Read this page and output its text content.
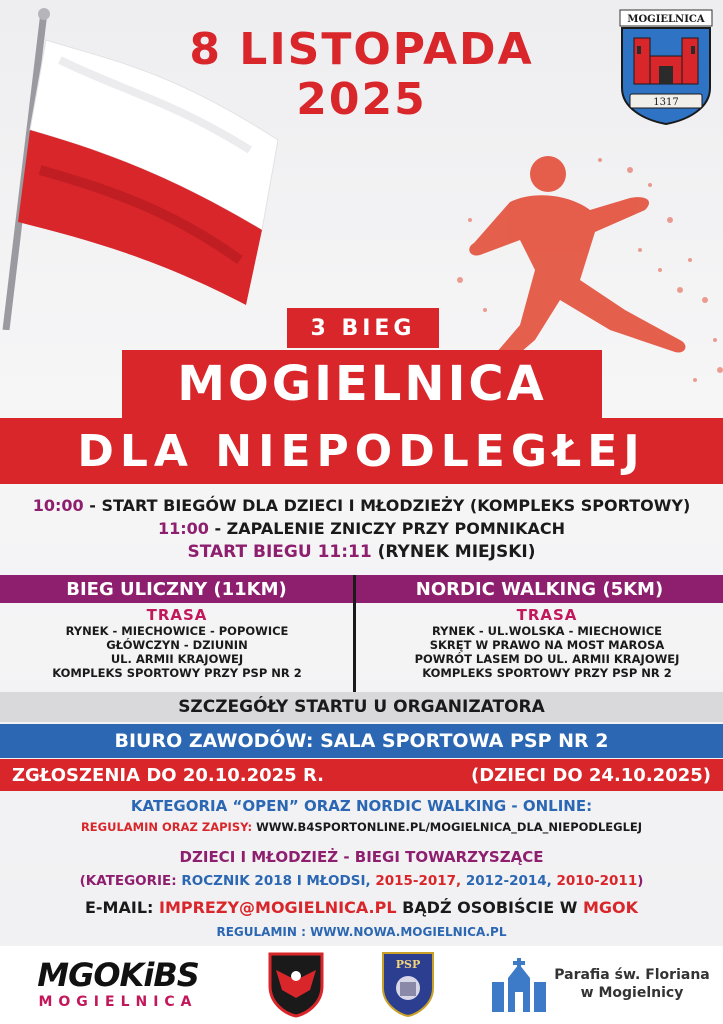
8 LISTOPADA
2025
MOGIELNICA
1317
3 BIEG
MOGIELNICA
DLA NIEPODLEGŁEJ
10:00 - START BIEGÓW DLA DZIECI I MŁODZIEŻY (KOMPLEKS SPORTOWY)
11:00 - ZAPALENIE ZNICZY PRZY POMNIKACH
START BIEGU 11:11 (RYNEK MIEJSKI)
BIEG ULICZNY (11KM)	NORDIC WALKING (5KM)
TRASA
RYNEK - MIECHOWICE - POPOWICE
GŁÓWCZYN - DZIUNIN
UL. ARMII KRAJOWEJ
KOMPLEKS SPORTOWY PRZY PSP NR 2
TRASA
RYNEK - UL.WOLSKA - MIECHOWICE
SKRĘT W PRAWO NA MOST MAROSA
POWRÓT LASEM DO UL. ARMII KRAJOWEJ
KOMPLEKS SPORTOWY PRZY PSP NR 2
SZCZEGÓŁY STARTU U ORGANIZATORA
BIURO ZAWODÓW: SALA SPORTOWA PSP NR 2
ZGŁOSZENIA DO 20.10.2025 R.	(DZIECI DO 24.10.2025)
KATEGORIA “OPEN” ORAZ NORDIC WALKING - ONLINE:
REGULAMIN ORAZ ZAPISY: WWW.B4SPORTONLINE.PL/MOGIELNICA_DLA_NIEPODLEGLEJ
DZIECI I MŁODZIEŻ - BIEGI TOWARZYSZĄCE
(KATEGORIE: ROCZNIK 2018 I MŁODSI, 2015-2017, 2012-2014, 2010-2011)
E-MAIL: IMPREZY@MOGIELNICA.PL BĄDŹ OSOBIŚCIE W MGOK
REGULAMIN : WWW.NOWA.MOGIELNICA.PL
MGOKiBS
MOGIELNICA
PSP
Parafia św. Floriana
w Mogielnicy
